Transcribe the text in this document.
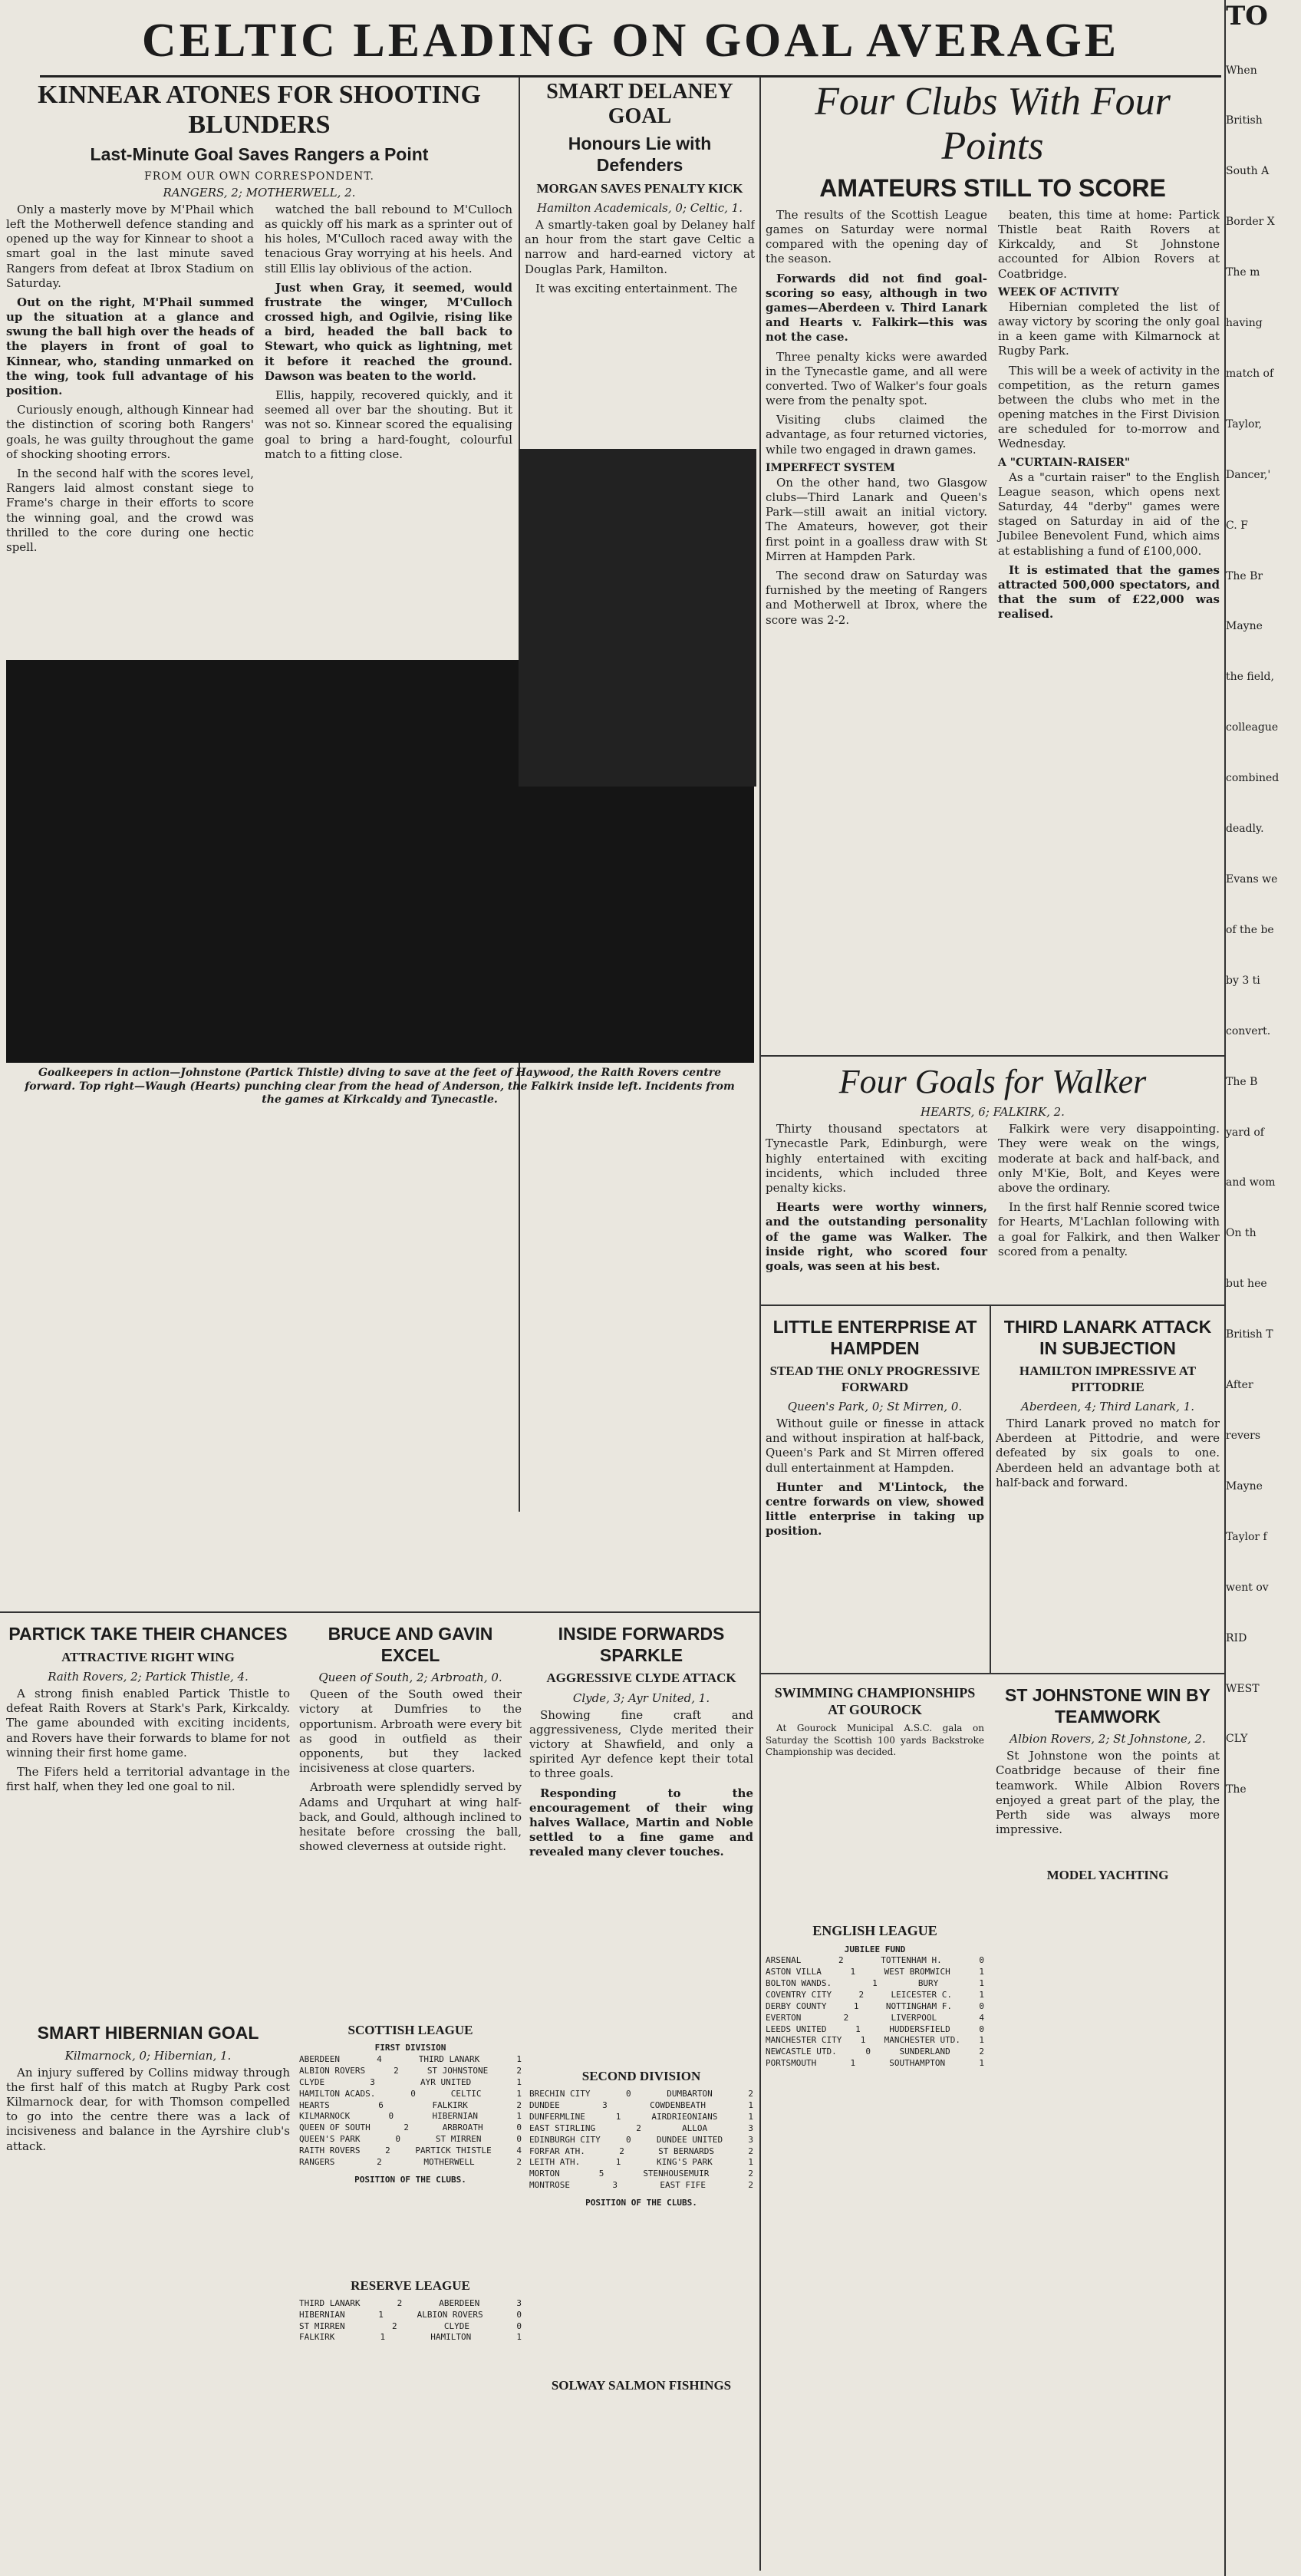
CELTIC LEADING ON GOAL AVERAGE
KINNEAR ATONES FOR SHOOTING BLUNDERS
Last-Minute Goal Saves Rangers a Point
FROM OUR OWN CORRESPONDENT.
RANGERS, 2; MOTHERWELL, 2.

Only a masterly move by M'Phail which left the Motherwell defence standing and opened up the way for Kinnear to shoot a smart goal in the last minute saved Rangers from defeat at Ibrox Stadium on Saturday.

Out on the right, M'Phail summed up the situation at a glance and swung the ball high over the heads of the players in front of goal to Kinnear, who, standing unmarked on the wing, took full advantage of his position.

Curiously enough, although Kinnear had the distinction of scoring both Rangers' goals, he was guilty throughout the game of shocking shooting errors.

In the second half with the scores level, Rangers laid almost constant siege to Frame's charge in their efforts to score the winning goal, and the crowd was thrilled to the core during one hectic spell.

watched the ball rebound to M'Culloch as quickly off his mark as a sprinter out of his holes, M'Culloch raced away with the tenacious Gray worrying at his heels. And still Ellis lay oblivious of the action.

Just when Gray, it seemed, would frustrate the winger, M'Culloch crossed high, and Ogilvie, rising like a bird, headed the ball back to Stewart, who quick as lightning, met it before it reached the ground. Dawson was beaten to the world.

Ellis, happily, recovered quickly, and it seemed all over bar the shouting. But it was not so. Kinnear scored the equalising goal to bring a hard-fought, colourful match to a fitting close.

SMART DELANEY GOAL
Honours Lie with Defenders
MORGAN SAVES PENALTY KICK
Hamilton Academicals, 0; Celtic, 1.

A smartly-taken goal by Delaney half an hour from the start gave Celtic a narrow and hard-earned victory at Douglas Park, Hamilton.

It was exciting entertainment. The

Goalkeepers in action—Johnstone (Partick Thistle) diving to save at the feet of Haywood, the Raith Rovers centre forward. Top right—Waugh (Hearts) punching clear from the head of Anderson, the Falkirk inside left. Incidents from the games at Kirkcaldy and Tynecastle.
Four Clubs With Four Points
AMATEURS STILL TO SCORE

The results of the Scottish League games on Saturday were normal compared with the opening day of the season.

Forwards did not find goal-scoring so easy, although in two games—Aberdeen v. Third Lanark and Hearts v. Falkirk—this was not the case.

Three penalty kicks were awarded in the Tynecastle game, and all were converted. Two of Walker's four goals were from the penalty spot.

Visiting clubs claimed the advantage, as four returned victories, while two engaged in drawn games.

IMPERFECT SYSTEM

On the other hand, two Glasgow clubs—Third Lanark and Queen's Park—still await an initial victory. The Amateurs, however, got their first point in a goalless draw with St Mirren at Hampden Park.

The second draw on Saturday was furnished by the meeting of Rangers and Motherwell at Ibrox, where the score was 2-2.

beaten, this time at home: Partick Thistle beat Raith Rovers at Kirkcaldy, and St Johnstone accounted for Albion Rovers at Coatbridge.

WEEK OF ACTIVITY

Hibernian completed the list of away victory by scoring the only goal in a keen game with Kilmarnock at Rugby Park.

This will be a week of activity in the competition, as the return games between the clubs who met in the opening matches in the First Division are scheduled for to-morrow and Wednesday.

A "CURTAIN-RAISER"

As a "curtain raiser" to the English League season, which opens next Saturday, 44 "derby" games were staged on Saturday in aid of the Jubilee Benevolent Fund, which aims at establishing a fund of £100,000.

It is estimated that the games attracted 500,000 spectators, and that the sum of £22,000 was realised.

Four Goals for Walker
HEARTS, 6; FALKIRK, 2.

Thirty thousand spectators at Tynecastle Park, Edinburgh, were highly entertained with exciting incidents, which included three penalty kicks.

Hearts were worthy winners, and the outstanding personality of the game was Walker. The inside right, who scored four goals, was seen at his best.

Falkirk were very disappointing. They were weak on the wings, moderate at back and half-back, and only M'Kie, Bolt, and Keyes were above the ordinary.

In the first half Rennie scored twice for Hearts, M'Lachlan following with a goal for Falkirk, and then Walker scored from a penalty.

LITTLE ENTERPRISE AT HAMPDEN
STEAD THE ONLY PROGRESSIVE FORWARD
Queen's Park, 0; St Mirren, 0.

Without guile or finesse in attack and without inspiration at half-back, Queen's Park and St Mirren offered dull entertainment at Hampden.

Hunter and M'Lintock, the centre forwards on view, showed little enterprise in taking up position.

THIRD LANARK ATTACK IN SUBJECTION
HAMILTON IMPRESSIVE AT PITTODRIE
Aberdeen, 4; Third Lanark, 1.

Third Lanark proved no match for Aberdeen at Pittodrie, and were defeated by six goals to one. Aberdeen held an advantage both at half-back and forward.

SWIMMING CHAMPIONSHIPS AT GOUROCK

At Gourock Municipal A.S.C. gala on Saturday the Scottish 100 yards Backstroke Championship was decided.

ST JOHNSTONE WIN BY TEAMWORK
Albion Rovers, 2; St Johnstone, 2.

St Johnstone won the points at Coatbridge because of their fine teamwork. While Albion Rovers enjoyed a great part of the play, the Perth side was always more impressive.

MODEL YACHTING
PARTICK TAKE THEIR CHANCES
ATTRACTIVE RIGHT WING
Raith Rovers, 2; Partick Thistle, 4.

A strong finish enabled Partick Thistle to defeat Raith Rovers at Stark's Park, Kirkcaldy. The game abounded with exciting incidents, and Rovers have their forwards to blame for not winning their first home game.

The Fifers held a territorial advantage in the first half, when they led one goal to nil.

SMART HIBERNIAN GOAL
Kilmarnock, 0; Hibernian, 1.

An injury suffered by Collins midway through the first half of this match at Rugby Park cost Kilmarnock dear, for with Thomson compelled to go into the centre there was a lack of incisiveness and balance in the Ayrshire club's attack.

BRUCE AND GAVIN EXCEL
Queen of South, 2; Arbroath, 0.

Queen of the South owed their victory at Dumfries to the opportunism. Arbroath were every bit as good in outfield as their opponents, but they lacked incisiveness at close quarters.

Arbroath were splendidly served by Adams and Urquhart at wing half-back, and Gould, although inclined to hesitate before crossing the ball, showed cleverness at outside right.

INSIDE FORWARDS SPARKLE
AGGRESSIVE CLYDE ATTACK
Clyde, 3; Ayr United, 1.

Showing fine craft and aggressiveness, Clyde merited their victory at Shawfield, and only a spirited Ayr defence kept their total to three goals.

Responding to the encouragement of their wing halves Wallace, Martin and Noble settled to a fine game and revealed many clever touches.

SCOTTISH LEAGUE
FIRST DIVISION
ABERDEEN	4	THIRD LANARK	1
ALBION ROVERS	2	ST JOHNSTONE	2
CLYDE	3	AYR UNITED	1
HAMILTON ACADS.	0	CELTIC	1
HEARTS	6	FALKIRK	2
KILMARNOCK	0	HIBERNIAN	1
QUEEN OF SOUTH	2	ARBROATH	0
QUEEN'S PARK	0	ST MIRREN	0
RAITH ROVERS	2	PARTICK THISTLE	4
RANGERS	2	MOTHERWELL	2
POSITION OF THE CLUBS.
RESERVE LEAGUE
THIRD LANARK	2	ABERDEEN	3
HIBERNIAN	1	ALBION ROVERS	0
ST MIRREN	2	CLYDE	0
FALKIRK	1	HAMILTON	1
SECOND DIVISION
BRECHIN CITY	0	DUMBARTON	2
DUNDEE	3	COWDENBEATH	1
DUNFERMLINE	1	AIRDRIEONIANS	1
EAST STIRLING	2	ALLOA	3
EDINBURGH CITY	0	DUNDEE UNITED	3
FORFAR ATH.	2	ST BERNARDS	2
LEITH ATH.	1	KING'S PARK	1
MORTON	5	STENHOUSEMUIR	2
MONTROSE	3	EAST FIFE	2
POSITION OF THE CLUBS.
SOLWAY SALMON FISHINGS
ENGLISH LEAGUE
JUBILEE FUND
ARSENAL	2	TOTTENHAM H.	0
ASTON VILLA	1	WEST BROMWICH	1
BOLTON WANDS.	1	BURY	1
COVENTRY CITY	2	LEICESTER C.	1
DERBY COUNTY	1	NOTTINGHAM F.	0
EVERTON	2	LIVERPOOL	4
LEEDS UNITED	1	HUDDERSFIELD	0
MANCHESTER CITY 1 MANCHESTER UTD. 1
NEWCASTLE UTD.	0	SUNDERLAND	2
PORTSMOUTH	1	SOUTHAMPTON	1

TO

When

British

South A

Border X

The m

having

match of

Taylor,

Dancer,'

C. F

The Br

Mayne

the field,

colleague

combined

deadly.

Evans we

of the be

by 3 ti

convert.

The B

yard of

and wom

On th

but hee

British T

After

revers

Mayne

Taylor f

went ov

RID

WEST

CLY

The
